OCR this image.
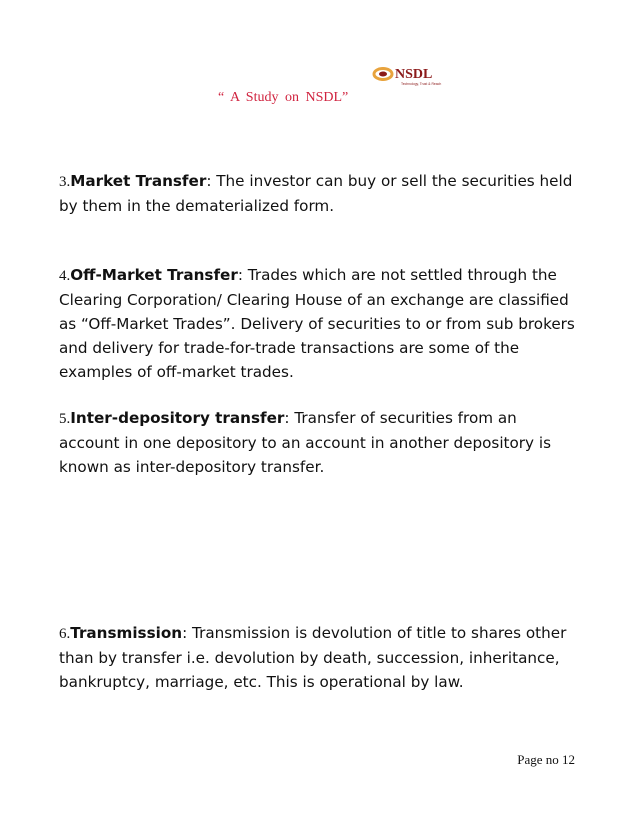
NSDL
Technology, Trust & Reach
“ A Study on NSDL”
3.Market Transfer: The investor can buy or sell the securities held by them in the dematerialized form.
4.Off-Market Transfer: Trades which are not settled through the Clearing Corporation/ Clearing House of an exchange are classified as “Off-Market Trades”. Delivery of securities to or from sub brokers and delivery for trade-for-trade transactions are some of the examples of off-market trades.
5.Inter-depository transfer: Transfer of securities from an account in one depository to an account in another depository is known as inter-depository transfer.
6.Transmission: Transmission is devolution of title to shares other than by transfer i.e. devolution by death, succession, inheritance, bankruptcy, marriage, etc. This is operational by law.
Page no 12
